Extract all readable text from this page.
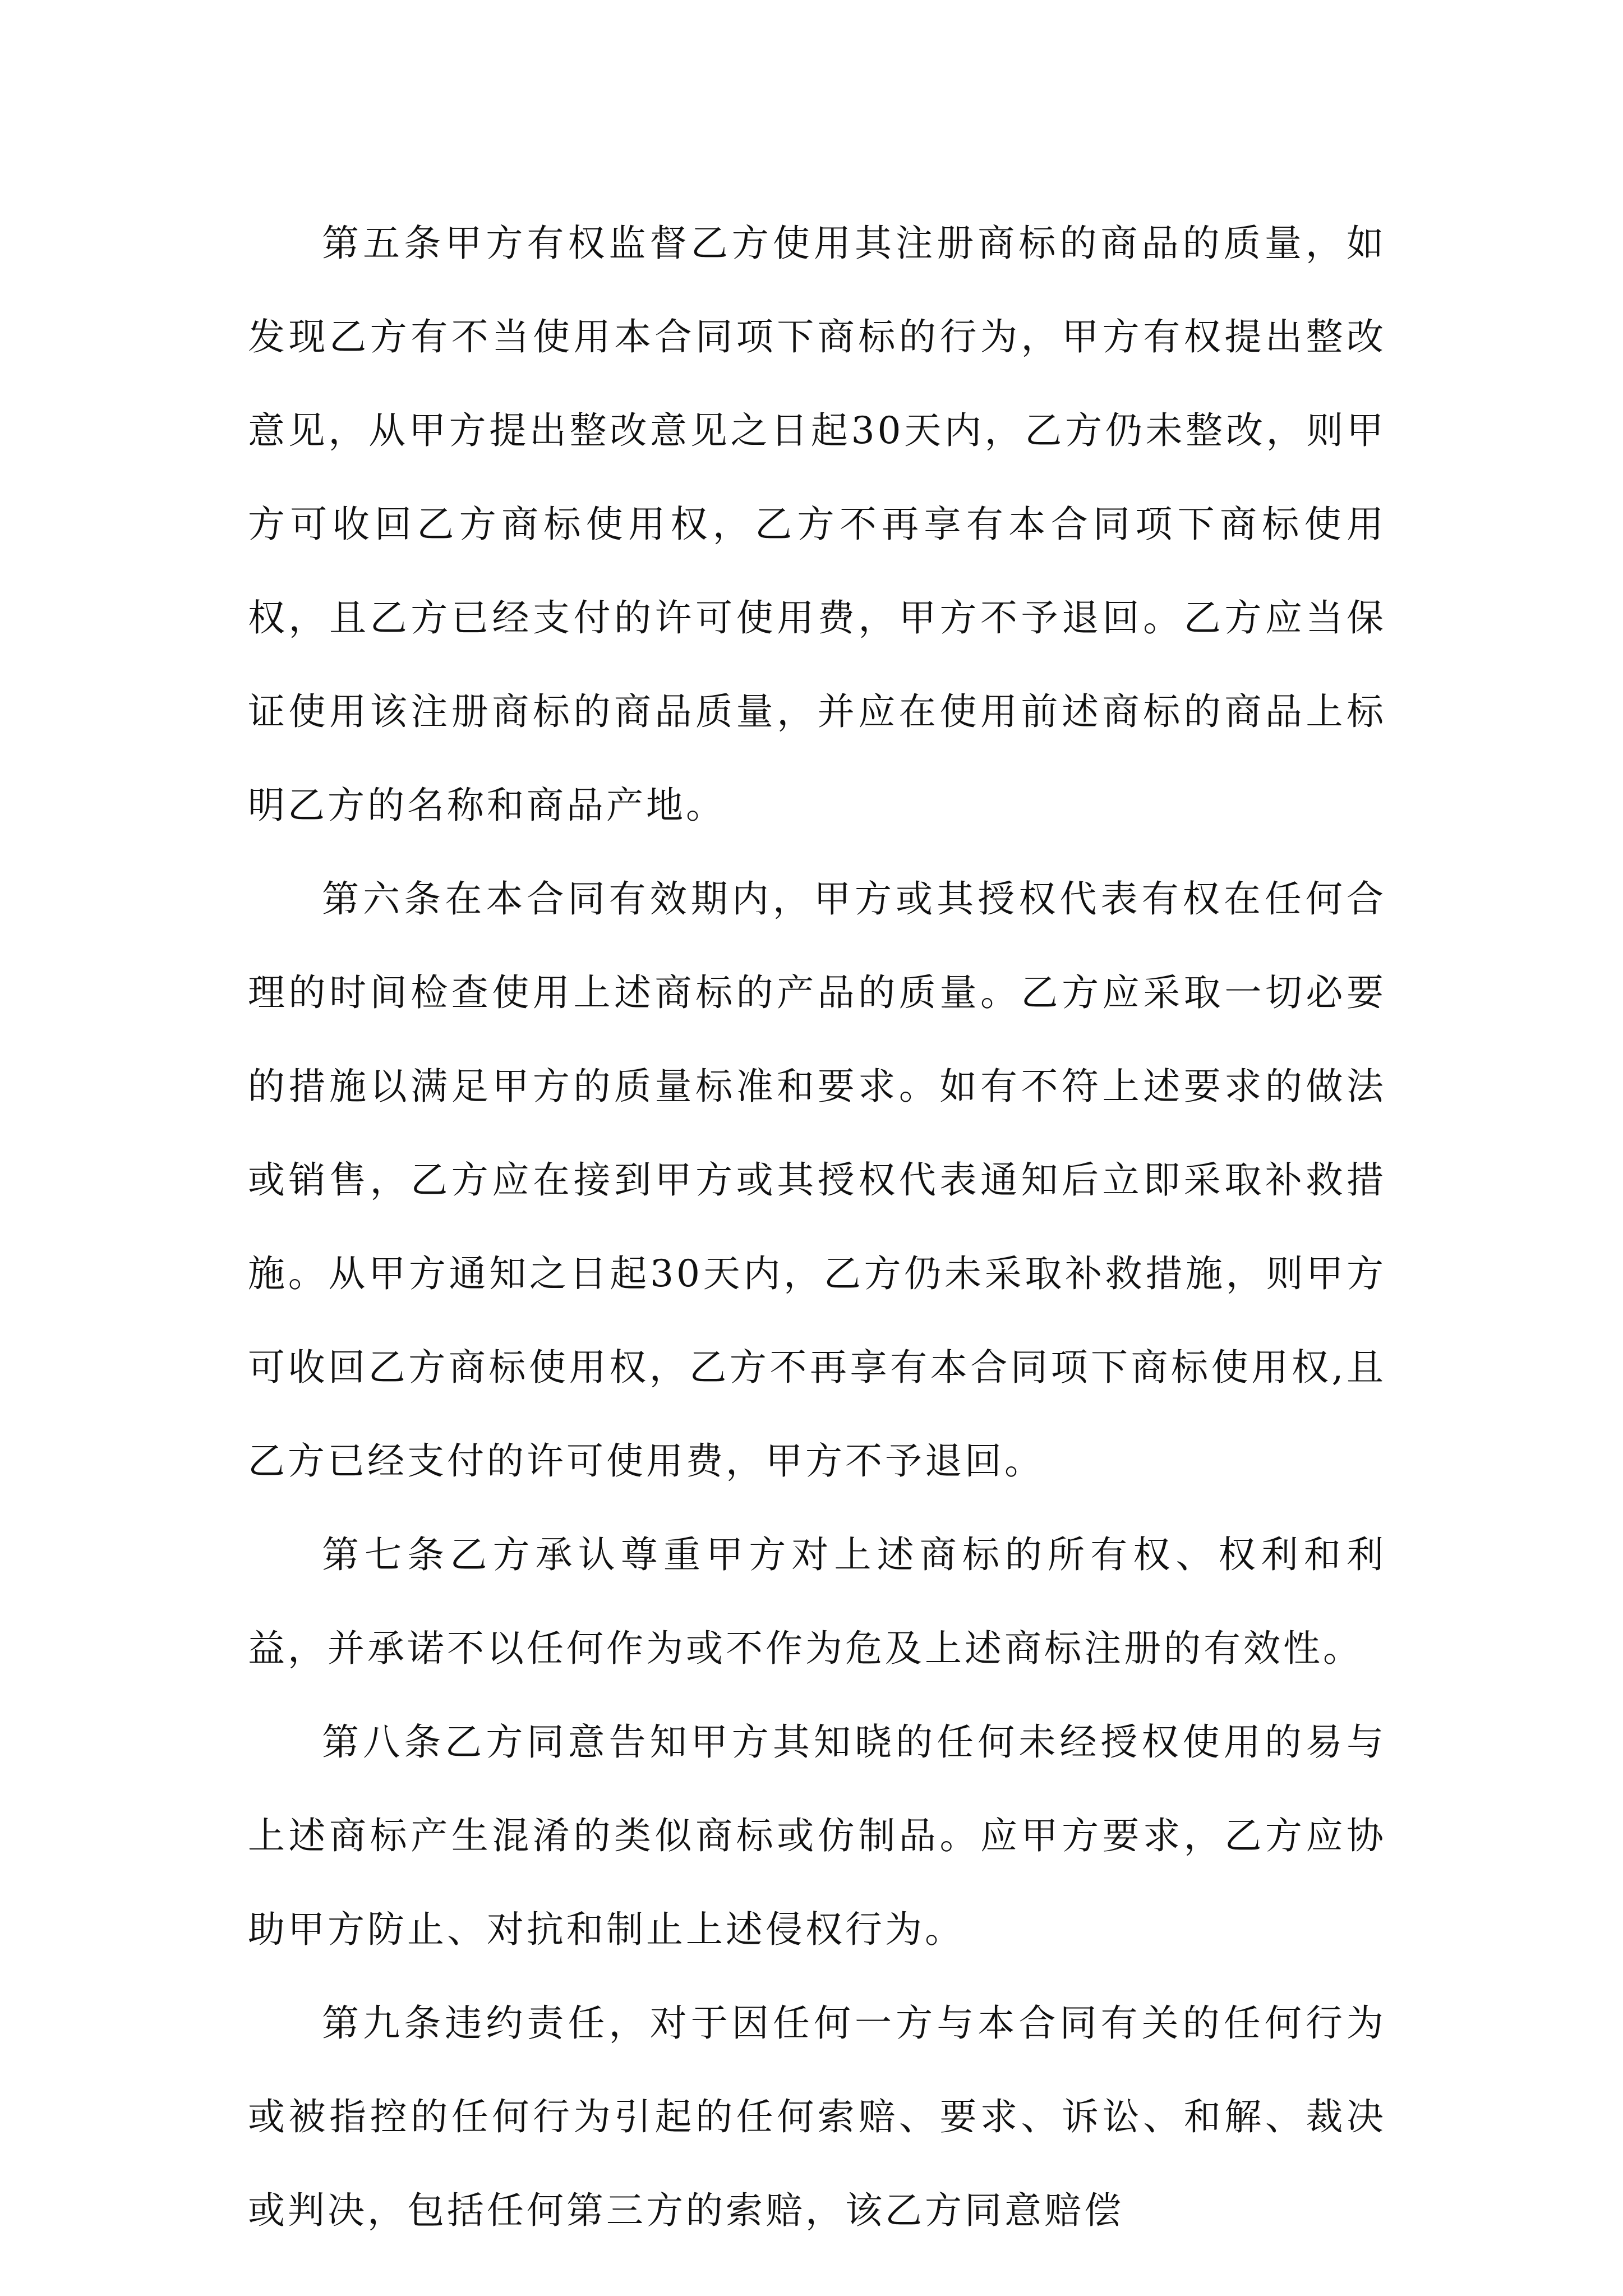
第五条甲方有权监督乙方使用其注册商标的商品的质量，如发现乙方有不当使用本合同项下商标的行为，甲方有权提出整改意见，从甲方提出整改意见之日起30天内，乙方仍未整改，则甲方可收回乙方商标使用权，乙方不再享有本合同项下商标使用权，且乙方已经支付的许可使用费，甲方不予退回。乙方应当保证使用该注册商标的商品质量，并应在使用前述商标的商品上标明乙方的名称和商品产地。

第六条在本合同有效期内，甲方或其授权代表有权在任何合理的时间检查使用上述商标的产品的质量。乙方应采取一切必要的措施以满足甲方的质量标准和要求。如有不符上述要求的做法或销售，乙方应在接到甲方或其授权代表通知后立即采取补救措施。从甲方通知之日起30天内，乙方仍未采取补救措施，则甲方可收回乙方商标使用权，乙方不再享有本合同项下商标使用权,且乙方已经支付的许可使用费，甲方不予退回。

第七条乙方承认尊重甲方对上述商标的所有权、权利和利益，并承诺不以任何作为或不作为危及上述商标注册的有效性。

第八条乙方同意告知甲方其知晓的任何未经授权使用的易与上述商标产生混淆的类似商标或仿制品。应甲方要求，乙方应协助甲方防止、对抗和制止上述侵权行为。

第九条违约责任，对于因任何一方与本合同有关的任何行为或被指控的任何行为引起的任何索赔、要求、诉讼、和解、裁决或判决，包括任何第三方的索赔，该乙方同意赔偿
